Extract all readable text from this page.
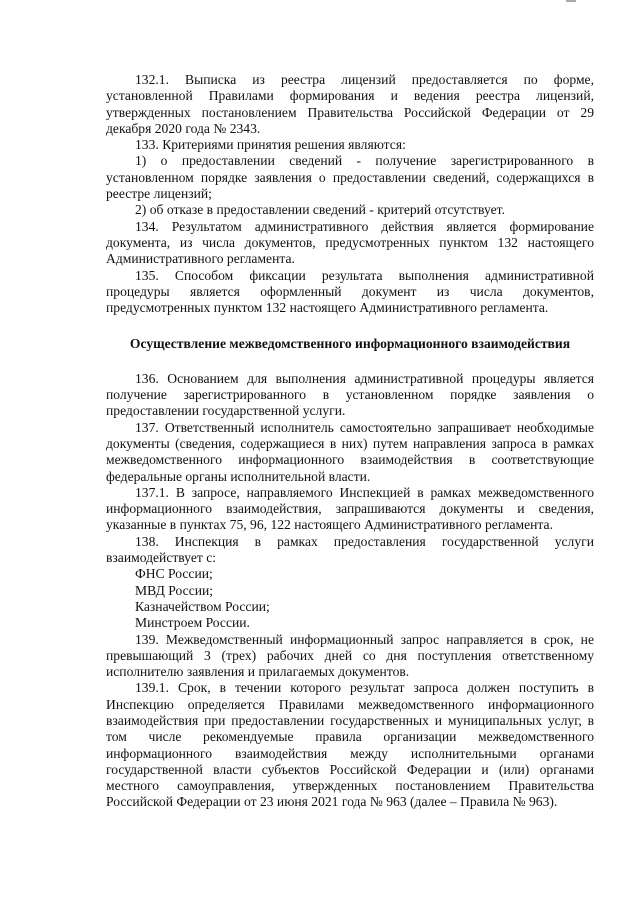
132.1. Выписка из реестра лицензий предоставляется по форме, установленной Правилами формирования и ведения реестра лицензий, утвержденных постановлением Правительства Российской Федерации от 29 декабря 2020 года № 2343.

133. Критериями принятия решения являются:

1) о предоставлении сведений - получение зарегистрированного в установленном порядке заявления о предоставлении сведений, содержащихся в реестре лицензий;

2) об отказе в предоставлении сведений - критерий отсутствует.

134. Результатом административного действия является формирование документа, из числа документов, предусмотренных пунктом 132 настоящего Административного регламента.

135. Способом фиксации результата выполнения административной процедуры является оформленный документ из числа документов, предусмотренных пунктом 132 настоящего Административного регламента.

Осуществление межведомственного информационного взаимодействия

136. Основанием для выполнения административной процедуры является получение зарегистрированного в установленном порядке заявления о предоставлении государственной услуги.

137. Ответственный исполнитель самостоятельно запрашивает необходимые документы (сведения, содержащиеся в них) путем направления запроса в рамках межведомственного информационного взаимодействия в соответствующие федеральные органы исполнительной власти.

137.1. В запросе, направляемого Инспекцией в рамках межведомственного информационного взаимодействия, запрашиваются документы и сведения, указанные в пунктах 75, 96, 122 настоящего Административного регламента.

138. Инспекция в рамках предоставления государственной услуги взаимодействует с:

ФНС России;

МВД России;

Казначейством России;

Минстроем России.

139. Межведомственный информационный запрос направляется в срок, не превышающий 3 (трех) рабочих дней со дня поступления ответственному исполнителю заявления и прилагаемых документов.

139.1. Срок, в течении которого результат запроса должен поступить в Инспекцию определяется Правилами межведомственного информационного взаимодействия при предоставлении государственных и муниципальных услуг, в том числе рекомендуемые правила организации межведомственного информационного взаимодействия между исполнительными органами государственной власти субъектов Российской Федерации и (или) органами местного самоуправления, утвержденных постановлением Правительства Российской Федерации от 23 июня 2021 года № 963 (далее – Правила № 963).
